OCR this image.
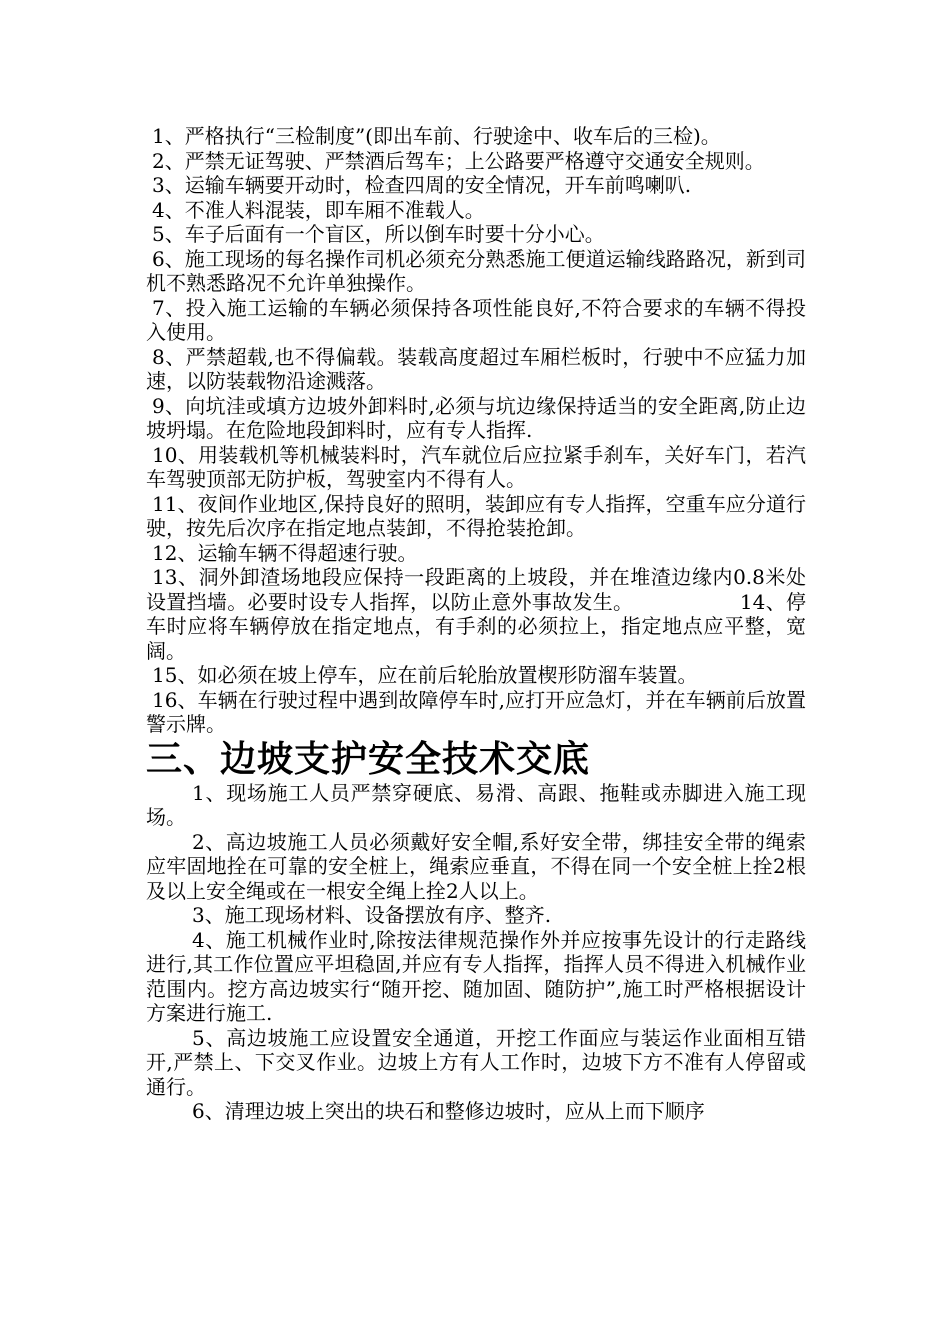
1、严格执行“三检制度”(即出车前、行驶途中、收车后的三检)。

2、严禁无证驾驶、严禁酒后驾车；上公路要严格遵守交通安全规则。

3、运输车辆要开动时，检查四周的安全情况，开车前鸣喇叭.

4、不准人料混装，即车厢不准载人。

5、车子后面有一个盲区，所以倒车时要十分小心。

6、施工现场的每名操作司机必须充分熟悉施工便道运输线路路况，新到司机不熟悉路况不允许单独操作。

7、投入施工运输的车辆必须保持各项性能良好,不符合要求的车辆不得投入使用。

8、严禁超载,也不得偏载。装载高度超过车厢栏板时，行驶中不应猛力加速，以防装载物沿途溅落。

9、向坑洼或填方边坡外卸料时,必须与坑边缘保持适当的安全距离,防止边坡坍塌。在危险地段卸料时，应有专人指挥.

10、用装载机等机械装料时，汽车就位后应拉紧手刹车，关好车门，若汽车驾驶顶部无防护板，驾驶室内不得有人。

11、夜间作业地区,保持良好的照明，装卸应有专人指挥，空重车应分道行驶，按先后次序在指定地点装卸，不得抢装抢卸。

12、运输车辆不得超速行驶。

13、洞外卸渣场地段应保持一段距离的上坡段，并在堆渣边缘内0.8米处设置挡墙。必要时设专人指挥，以防止意外事故发生。                14、停车时应将车辆停放在指定地点，有手刹的必须拉上，指定地点应平整，宽阔。

15、如必须在坡上停车，应在前后轮胎放置楔形防溜车装置。

16、车辆在行驶过程中遇到故障停车时,应打开应急灯，并在车辆前后放置警示牌。

三、边坡支护安全技术交底

1、现场施工人员严禁穿硬底、易滑、高跟、拖鞋或赤脚进入施工现场。

2、高边坡施工人员必须戴好安全帽,系好安全带，绑挂安全带的绳索应牢固地拴在可靠的安全桩上，绳索应垂直，不得在同一个安全桩上拴2根及以上安全绳或在一根安全绳上拴2人以上。

3、施工现场材料、设备摆放有序、整齐.

4、施工机械作业时,除按法律规范操作外并应按事先设计的行走路线进行,其工作位置应平坦稳固,并应有专人指挥，指挥人员不得进入机械作业范围内。挖方高边坡实行“随开挖、随加固、随防护”,施工时严格根据设计方案进行施工.

5、高边坡施工应设置安全通道，开挖工作面应与装运作业面相互错开,严禁上、下交叉作业。边坡上方有人工作时，边坡下方不准有人停留或通行。

6、清理边坡上突出的块石和整修边坡时，应从上而下顺序
